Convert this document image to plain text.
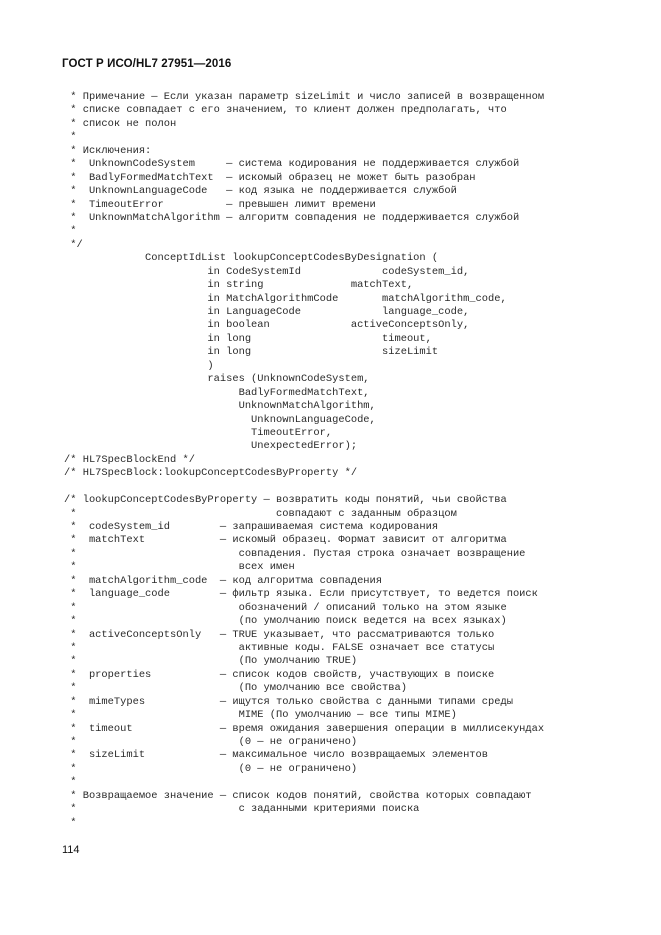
ГОСТ Р ИСО/HL7 27951—2016
* Примечание — Если указан параметр sizeLimit и число записей в возвращенном
* списке совпадает с его значением, то клиент должен предполагать, что
* список не полон
*
* Исключения:
*  UnknownCodeSystem     — система кодирования не поддерживается службой
*  BadlyFormedMatchText  — искомый образец не может быть разобран
*  UnknownLanguageCode   — код языка не поддерживается службой
*  TimeoutError          — превышен лимит времени
*  UnknownMatchAlgorithm — алгоритм совпадения не поддерживается службой
*
*/
ConceptIdList lookupConceptCodesByDesignation (
in CodeSystemId             codeSystem_id,
in string              matchText,
in MatchAlgorithmCode       matchAlgorithm_code,
in LanguageCode             language_code,
in boolean             activeConceptsOnly,
in long                     timeout,
in long                     sizeLimit
)
raises (UnknownCodeSystem,
BadlyFormedMatchText,
UnknownMatchAlgorithm,
UnknownLanguageCode,
TimeoutError,
UnexpectedError);
/* HL7SpecBlockEnd */
/* HL7SpecBlock:lookupConceptCodesByProperty */

/* lookupConceptCodesByProperty — возвратить коды понятий, чьи свойства
*                                совпадают с заданным образцом
*  codeSystem_id        — запрашиваемая система кодирования
*  matchText            — искомый образец. Формат зависит от алгоритма
*                          совпадения. Пустая строка означает возвращение
*                          всех имен
*  matchAlgorithm_code  — код алгоритма совпадения
*  language_code        — фильтр языка. Если присутствует, то ведется поиск
*                          обозначений / описаний только на этом языке
*                          (по умолчанию поиск ведется на всех языках)
*  activeConceptsOnly   — TRUE указывает, что рассматриваются только
*                          активные коды. FALSE означает все статусы
*                          (По умолчанию TRUE)
*  properties           — список кодов свойств, участвующих в поиске
*                          (По умолчанию все свойства)
*  mimeTypes            — ищутся только свойства с данными типами среды
*                          MIME (По умолчанию — все типы MIME)
*  timeout              — время ожидания завершения операции в миллисекундах
*                          (0 — не ограничено)
*  sizeLimit            — максимальное число возвращаемых элементов
*                          (0 — не ограничено)
*
* Возвращаемое значение — список кодов понятий, свойства которых совпадают
*                          с заданными критериями поиска
*
114
